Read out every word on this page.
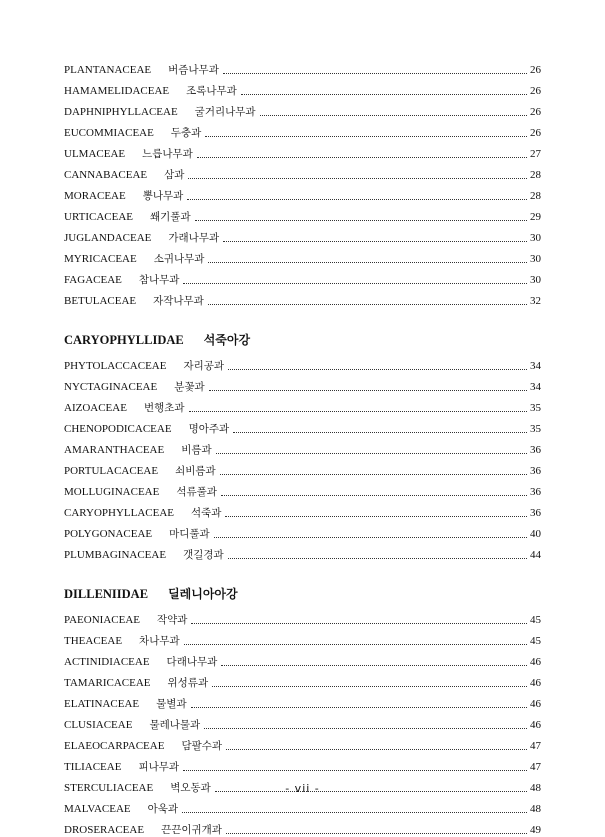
PLANTANACEAE 버즘나무과	26
HAMAMELIDACEAE 조록나무과	26
DAPHNIPHYLLACEAE 굴거리나무과	26
EUCOMMIACEAE 두충과	26
ULMACEAE 느릅나무과	27
CANNABACEAE 삼과	28
MORACEAE 뽕나무과	28
URTICACEAE 쐐기풀과	29
JUGLANDACEAE 가래나무과	30
MYRICACEAE 소귀나무과	30
FAGACEAE 참나무과	30
BETULACEAE 자작나무과	32
CARYOPHYLLIDAE 석죽아강
PHYTOLACCACEAE 자리공과	34
NYCTAGINACEAE 분꽃과	34
AIZOACEAE 번행초과	35
CHENOPODICACEAE 명아주과	35
AMARANTHACEAE 비름과	36
PORTULACACEAE 쇠비름과	36
MOLLUGINACEAE 석류풀과	36
CARYOPHYLLACEAE 석죽과	36
POLYGONACEAE 마디풀과	40
PLUMBAGINACEAE 갯길경과	44
DILLENIIDAE 딜레니아아강
PAEONIACEAE 작약과	45
THEACEAE 차나무과	45
ACTINIDIACEAE 다래나무과	46
TAMARICACEAE 위성류과	46
ELATINACEAE 물별과	46
CLUSIACEAE 물레나물과	46
ELAEOCARPACEAE 담팔수과	47
TILIACEAE 피나무과	47
STERCULIACEAE 벽오동과	48
MALVACEAE 아욱과	48
DROSERACEAE 끈끈이귀개과	49
- vii -
